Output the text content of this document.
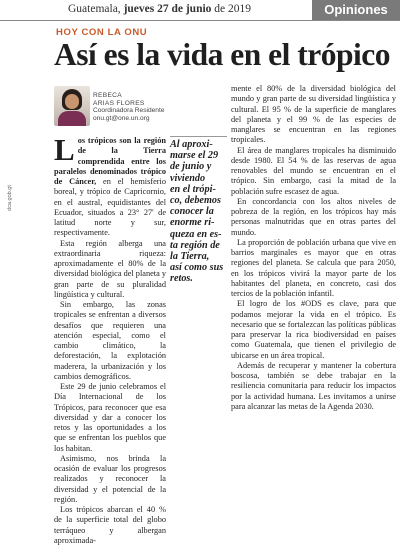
Guatemala, jueves 27 de junio de 2019	Opiniones
HOY CON LA ONU
Así es la vida en el trópico
REBECA
ARIAS FLORES
Coordinadora Residente
onu.gt@one.un.org
dca.gob.gt

Los trópicos son la región de la Tierra comprendida entre los paralelos denominados trópico de Cáncer, en el hemisferio boreal, y trópico de Capricornio, en el austral, equidistantes del Ecuador, situados a 23° 27' de latitud norte y sur, respectivamente.

Esta región alberga una extraordinaria riqueza: aproximadamente el 80% de la diversidad biológica del planeta y gran parte de su pluralidad lingüística y cultural.

Sin embargo, las zonas tropicales se enfrentan a diversos desafíos que requieren una atención especial, como el cambio climático, la deforestación, la explotación maderera, la urbanización y los cambios demográficos.

Este 29 de junio celebramos el Día Internacional de los Trópicos, para reconocer que esa diversidad y dar a conocer los retos y las oportunidades a los que se enfrentan los pueblos que los habitan.

Asimismo, nos brinda la ocasión de evaluar los progresos realizados y reconocer la diversidad y el potencial de la región.

Los trópicos abarcan el 40 % de la superficie total del globo terráqueo y albergan aproximada-

Al aproxi-
marse el 29
de junio y
viviendo
en el trópi-
co, debemos
conocer la
enorme ri-
queza en es-
ta región de
la Tierra,
así como sus
retos.

mente el 80% de la diversidad biológica del mundo y gran parte de su diversidad lingüística y cultural. El 95 % de la superficie de manglares del planeta y el 99 % de las especies de manglares se encuentran en las regiones tropicales.

El área de manglares tropicales ha disminuido desde 1980. El 54 % de las reservas de agua renovables del mundo se encuentran en el trópico. Sin embargo, casi la mitad de la población sufre escasez de agua.

En concordancia con los altos niveles de pobreza de la región, en los trópicos hay más personas malnutridas que en otras partes del mundo.

La proporción de población urbana que vive en barrios marginales es mayor que en otras regiones del planeta. Se calcula que para 2050, en los trópicos vivirá la mayor parte de los habitantes del planeta, en concreto, casi dos tercios de la población infantil.

El logro de los #ODS es clave, para que podamos mejorar la vida en el trópico. Es necesario que se fortalezcan las políticas públicas para preservar la rica biodiversidad en países como Guatemala, que tienen el privilegio de ubicarse en un área tropical.

Además de recuperar y mantener la cobertura boscosa, también se debe trabajar en la resiliencia comunitaria para reducir los impactos por la actividad humana. Les invitamos a unirse para alcanzar las metas de la Agenda 2030.
